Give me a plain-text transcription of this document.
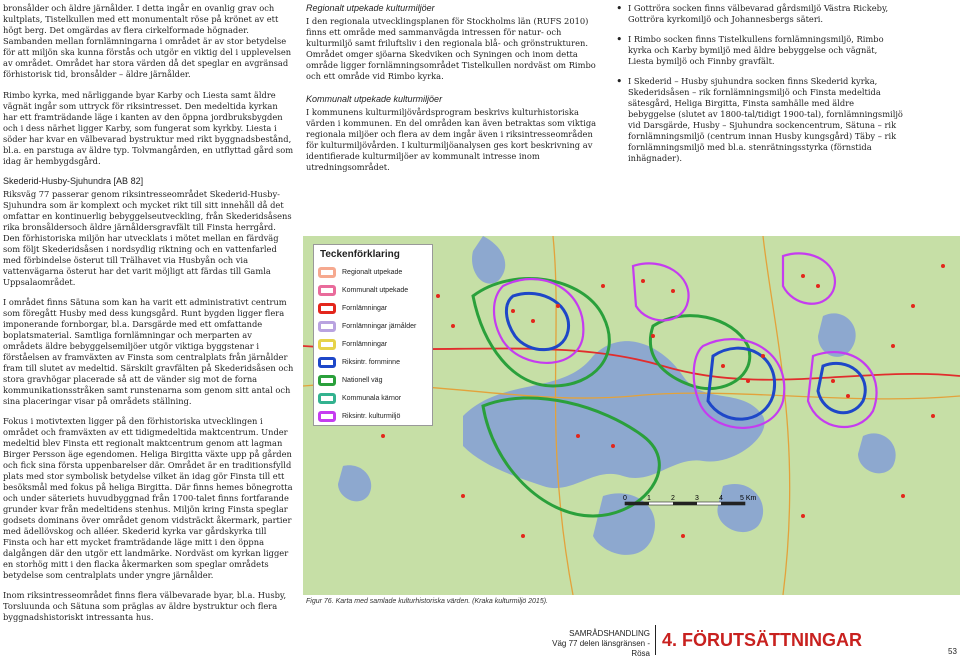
bronsålder och äldre järnålder. I detta ingår en ovanlig grav och kultplats, Tistelkullen med ett monumentalt röse på krönet av ett högt berg. Det omgärdas av flera cirkelformade högnader. Sambanden mellan fornlämningarna i området är av stor betydelse för att miljön ska kunna förstås och utgör en viktig del i upplevelsen av området. Området har stora värden då det speglar en avgränsad förhistorisk tid, bronsålder – äldre järnålder.

Rimbo kyrka, med närliggande byar Karby och Liesta samt äldre vägnät ingår som uttryck för riksintresset. Den medeltida kyrkan har ett framträdande läge i kanten av den öppna jordbruksbygden och i dess närhet ligger Karby, som fungerat som kyrkby. Liesta i söder har kvar en välbevarad bystruktur med rikt byggnadsbestånd, bl.a. en parstuga av äldre typ. Tolvmangården, en utflyttad gård som idag är hembygdsgård.

Skederid-Husby-Sjuhundra [AB 82]

Riksväg 77 passerar genom riksintresseområdet Skederid-Husby-Sjuhundra som är komplext och mycket rikt till sitt innehåll då det omfattar en kontinuerlig bebyggelseutveckling, från Skederidsåsens rika bronsåldersoch äldre järnåldersgravfält till Finsta herrgård. Den förhistoriska miljön har utvecklats i mötet mellan en färdväg som följt Skederidsåsen i nordsydlig riktning och en vattenfarled med förbindelse österut till Trälhavet via Husbyån och via vattenvägarna österut har det varit möjligt att färdas till Gamla Uppsalaområdet.

I området finns Sätuna som kan ha varit ett administrativt centrum som föregått Husby med dess kungsgård. Runt bygden ligger flera imponerande fornborgar, bl.a. Darsgärde med ett omfattande boplatsmaterial. Samtliga fornlämningar och merparten av områdets äldre bebyggelsemiljöer utgör viktiga byggstenar i förståelsen av framväxten av Finsta som centralplats från järnålder fram till slutet av medeltid. Särskilt gravfälten på Skederidsåsen och stora gravhögar placerade så att de vänder sig mot de forna kommunikationsstråken samt runstenarna som genom sitt antal och sina placeringar visar på områdets ställning.

Fokus i motivtexten ligger på den förhistoriska utvecklingen i området och framväxten av ett tidigmedeltida maktcentrum. Under medeltid blev Finsta ett regionalt maktcentrum genom att lagman Birger Persson äge egendomen. Heliga Birgitta växte upp på gården och fick sina första uppenbarelser där. Området är en traditionsfylld plats med stor symbolisk betydelse vilket än idag gör Finsta till ett besöksmål med fokus på heliga Birgitta. Där finns hemes bönegrotta och under säteriets huvudbyggnad från 1700-talet finns fortfarande grunder kvar från medeltidens stenhus. Miljön kring Finsta speglar godsets dominans över området genom vidsträckt åkermark, partier med ädellövskog och alléer. Skederid kyrka var gårdskyrka till Finsta och har ett mycket framträdande läge mitt i den öppna dalgången där den utgör ett landmärke. Nordväst om kyrkan ligger en storhög mitt i den flacka åkermarken som speglar områdets betydelse som centralplats under yngre järnålder.

Inom riksintresseområdet finns flera välbevarade byar, bl.a. Husby, Torsluunda och Sätuna som präglas av äldre bystruktur och flera byggnadshistoriskt intressanta hus.

Regionalt utpekade kulturmiljöer

I den regionala utvecklingsplanen för Stockholms län (RUFS 2010) finns ett område med sammanvägda intressen för natur- och kulturmiljö samt friluftsliv i den regionala blå- och grönstrukturen. Området omger sjöarna Skedviken och Syningen och inom detta område ligger fornlämningsområdet Tistelkullen nordväst om Rimbo och ett område vid Rimbo kyrka.

Kommunalt utpekade kulturmiljöer

I kommunens kulturmiljövårdsprogram beskrivs kulturhistoriska värden i kommunen. En del områden kan även betraktas som viktiga regionala miljöer och flera av dem ingår även i riksintresseområden för kulturmiljövården. I kulturmiljöanalysen ges kort beskrivning av identifierade kulturmiljöer av kommunalt intresse inom utredningsområdet.

• I Gottröra socken finns välbevarad gårdsmiljö Västra Rickeby, Gottröra kyrkomiljö och Johannesbergs säteri.
• I Rimbo socken finns Tistelkullens fornlämningsmiljö, Rimbo kyrka och Karby bymiljö med äldre bebyggelse och vägnät, Liesta bymiljö och Finnby gravfält.
• I Skederid – Husby sjuhundra socken finns Skederid kyrka, Skederidsåsen – rik fornlämningsmiljö och Finsta medeltida sätesgård, Heliga Birgitta, Finsta samhälle med äldre bebyggelse (slutet av 1800-tal/tidigt 1900-tal), fornlämningsmiljö vid Darsgärde, Husby – Sjuhundra sockencentrum, Sätuna – rik fornlämningsmiljö (centrum innan Husby kungsgård) Täby – rik fornlämningsmiljö med bl.a. stenrätningsstyrka (förnstida inhägnader).
0	1	2	3	4 5 Km
Teckenförklaring
Regionalt utpekade
Kommunalt utpekade
Fornlämningar
Fornlämningar järnålder
Fornlämningar
Riksintr. fornminne
Nationell väg
Kommunala kärnor
Riksintr. kulturmiljö
Figur 76. Karta med samlade kulturhistoriska värden. (Kraka kulturmiljö 2015).
SAMRÅDSHANDLING
Väg 77 delen länsgränsen - Rösa
4. FÖRUTSÄTTNINGAR
53
